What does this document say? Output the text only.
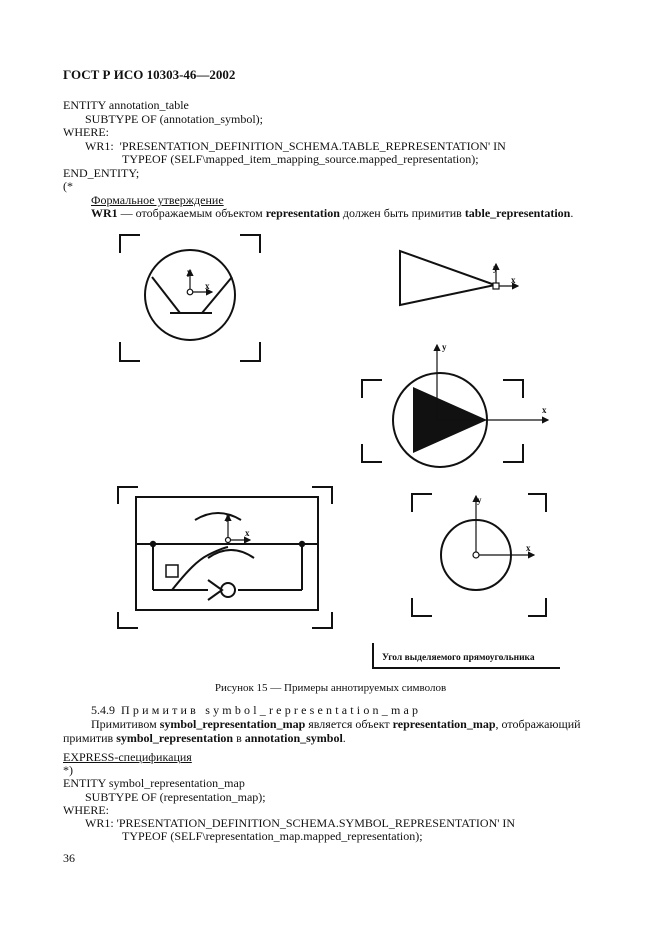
ГОСТ Р ИСО 10303-46—2002
ENTITY annotation_table
SUBTYPE OF (annotation_symbol);
WHERE:
WR1:  'PRESENTATION_DEFINITION_SCHEMA.TABLE_REPRESENTATION' IN
TYPEOF (SELF\mapped_item_mapping_source.mapped_representation);
END_ENTITY;
(*
Формальное утверждение
WR1 — отображаемым объектом representation должен быть примитив table_representation.
y
x
y
x
y
x
y
x
y
x
Угол выделяемого прямоугольника
Рисунок 15 — Примеры аннотируемых символов
5.4.9 Примитив symbol_representation_map
Примитивом symbol_representation_map является объект representation_map, отображающий
примитив symbol_representation в annotation_symbol.
EXPRESS-спецификация
*)
ENTITY symbol_representation_map
SUBTYPE OF (representation_map);
WHERE:
WR1: 'PRESENTATION_DEFINITION_SCHEMA.SYMBOL_REPRESENTATION' IN
TYPEOF (SELF\representation_map.mapped_representation);
36
